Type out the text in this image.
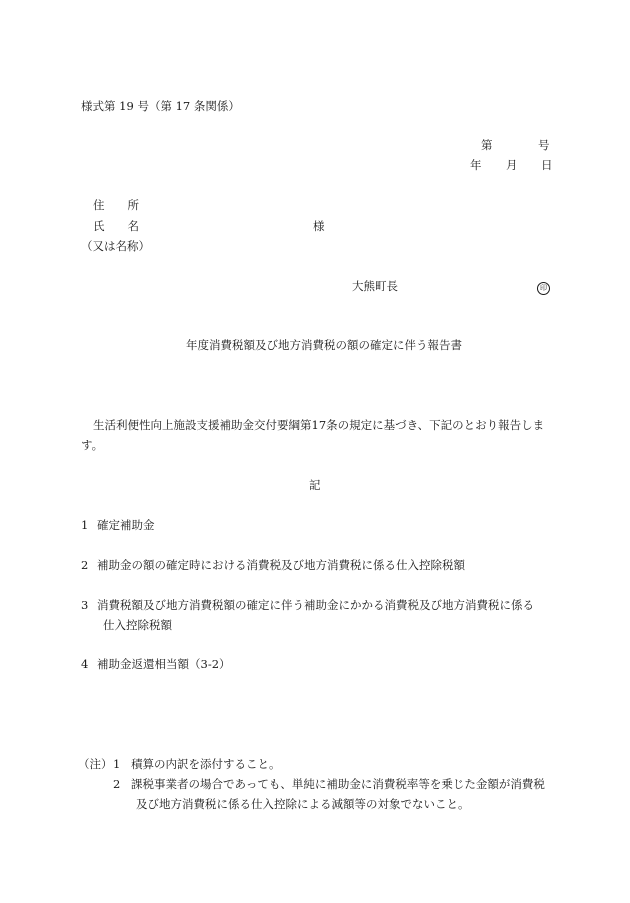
様式第 19 号（第 17 条関係）
第	号
年 月 日
住　　所
氏　　名	様
（又は名称）
大熊町長	印
年度消費税額及び地方消費税の額の確定に伴う報告書
生活利便性向上施設支援補助金交付要綱第17条の規定に基づき、下記のとおり報告しま
す。
記
1 確定補助金
2 補助金の額の確定時における消費税及び地方消費税に係る仕入控除税額
3 消費税額及び地方消費税額の確定に伴う補助金にかかる消費税及び地方消費税に係る
仕入控除税額
4 補助金返還相当額（3-2）
（注） 1 積算の内訳を添付すること。
2 課税事業者の場合であっても、単純に補助金に消費税率等を乗じた金額が消費税
及び地方消費税に係る仕入控除による減額等の対象でないこと。
